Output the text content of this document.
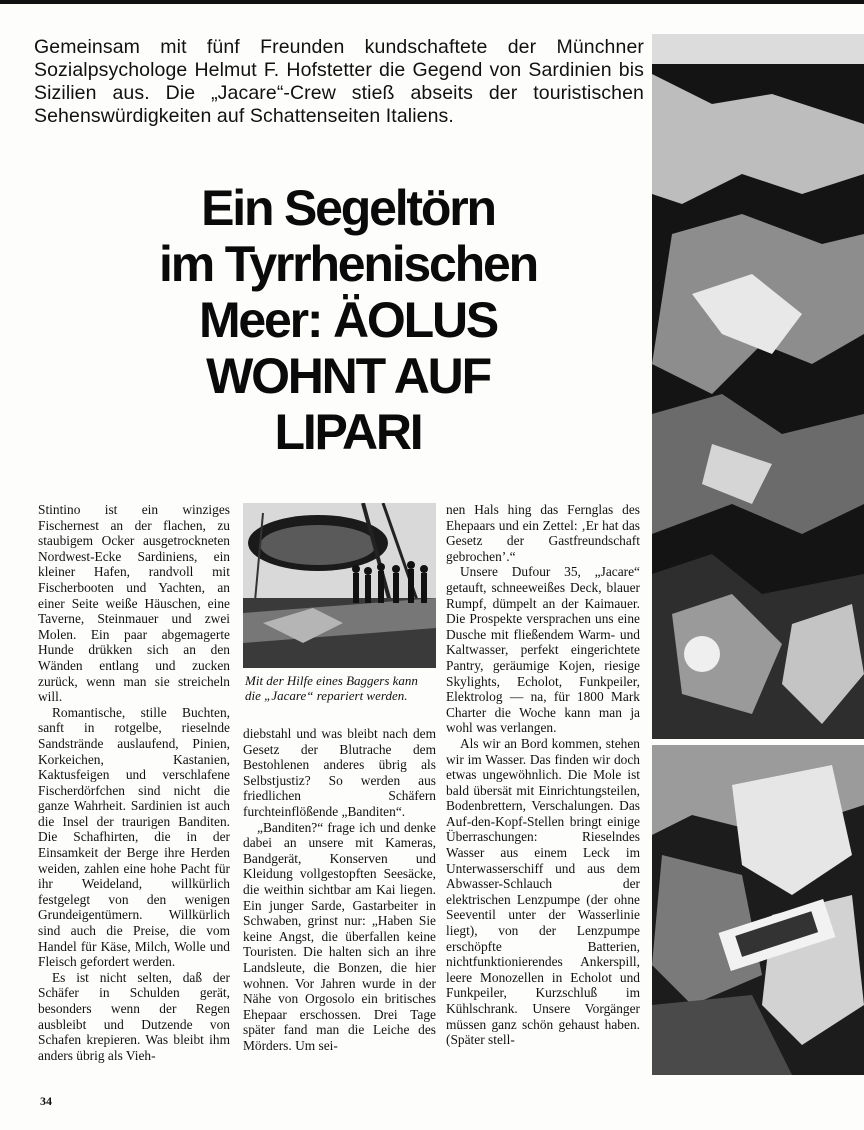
Gemeinsam mit fünf Freunden kundschaftete der Münchner Sozialpsychologe Helmut F. Hofstetter die Gegend von Sardinien bis Sizilien aus. Die „Jacare“-Crew stieß abseits der touristischen Sehenswürdigkeiten auf Schattenseiten Italiens.
Ein Segeltörn
im Tyrrhenischen
Meer: ÄOLUS
WOHNT AUF
LIPARI
Mit der Hilfe eines Baggers kann die „Jacare“ repariert werden.

Stintino ist ein winziges Fischernest an der flachen, zu staubigem Ocker ausgetrockneten Nordwest-Ecke Sardiniens, ein kleiner Hafen, randvoll mit Fischerbooten und Yachten, an einer Seite weiße Häuschen, eine Taverne, Steinmauer und zwei Molen. Ein paar abgemagerte Hunde drükken sich an den Wänden entlang und zucken zurück, wenn man sie streicheln will.

Romantische, stille Buchten, sanft in rotgelbe, rieselnde Sandstrände auslaufend, Pinien, Korkeichen, Kastanien, Kaktusfeigen und verschlafene Fischerdörfchen sind nicht die ganze Wahrheit. Sardinien ist auch die Insel der traurigen Banditen. Die Schafhirten, die in der Einsamkeit der Berge ihre Herden weiden, zahlen eine hohe Pacht für ihr Weideland, willkürlich festgelegt von den wenigen Grundeigentümern. Willkürlich sind auch die Preise, die vom Handel für Käse, Milch, Wolle und Fleisch gefordert werden.

Es ist nicht selten, daß der Schäfer in Schulden gerät, besonders wenn der Regen ausbleibt und Dutzende von Schafen krepieren. Was bleibt ihm anders übrig als Vieh-

diebstahl und was bleibt nach dem Gesetz der Blutrache dem Bestohlenen anderes übrig als Selbstjustiz? So werden aus friedlichen Schäfern furchteinflößende „Banditen“.

„Banditen?“ frage ich und denke dabei an unsere mit Kameras, Bandgerät, Konserven und Kleidung vollgestopften Seesäcke, die weithin sichtbar am Kai liegen. Ein junger Sarde, Gastarbeiter in Schwaben, grinst nur: „Haben Sie keine Angst, die überfallen keine Touristen. Die halten sich an ihre Landsleute, die Bonzen, die hier wohnen. Vor Jahren wurde in der Nähe von Orgosolo ein britisches Ehepaar erschossen. Drei Tage später fand man die Leiche des Mörders. Um sei-

nen Hals hing das Fernglas des Ehepaars und ein Zettel: ‚Er hat das Gesetz der Gastfreundschaft gebrochen’.“

Unsere Dufour 35, „Jacare“ getauft, schneeweißes Deck, blauer Rumpf, dümpelt an der Kaimauer. Die Prospekte versprachen uns eine Dusche mit fließendem Warm- und Kaltwasser, perfekt eingerichtete Pantry, geräumige Kojen, riesige Skylights, Echolot, Funkpeiler, Elektrolog — na, für 1800 Mark Charter die Woche kann man ja wohl was verlangen.

Als wir an Bord kommen, stehen wir im Wasser. Das finden wir doch etwas ungewöhnlich. Die Mole ist bald übersät mit Einrichtungsteilen, Bodenbrettern, Verschalungen. Das Auf-den-Kopf-Stellen bringt einige Überraschungen: Rieselndes Wasser aus einem Leck im Unterwasserschiff und aus dem Abwasser-Schlauch der elektrischen Lenzpumpe (der ohne Seeventil unter der Wasserlinie liegt), von der Lenzpumpe erschöpfte Batterien, nichtfunktionierendes Ankerspill, leere Monozellen in Echolot und Funkpeiler, Kurzschluß im Kühlschrank. Unsere Vorgänger müssen ganz schön gehaust haben. (Später stell-

34
